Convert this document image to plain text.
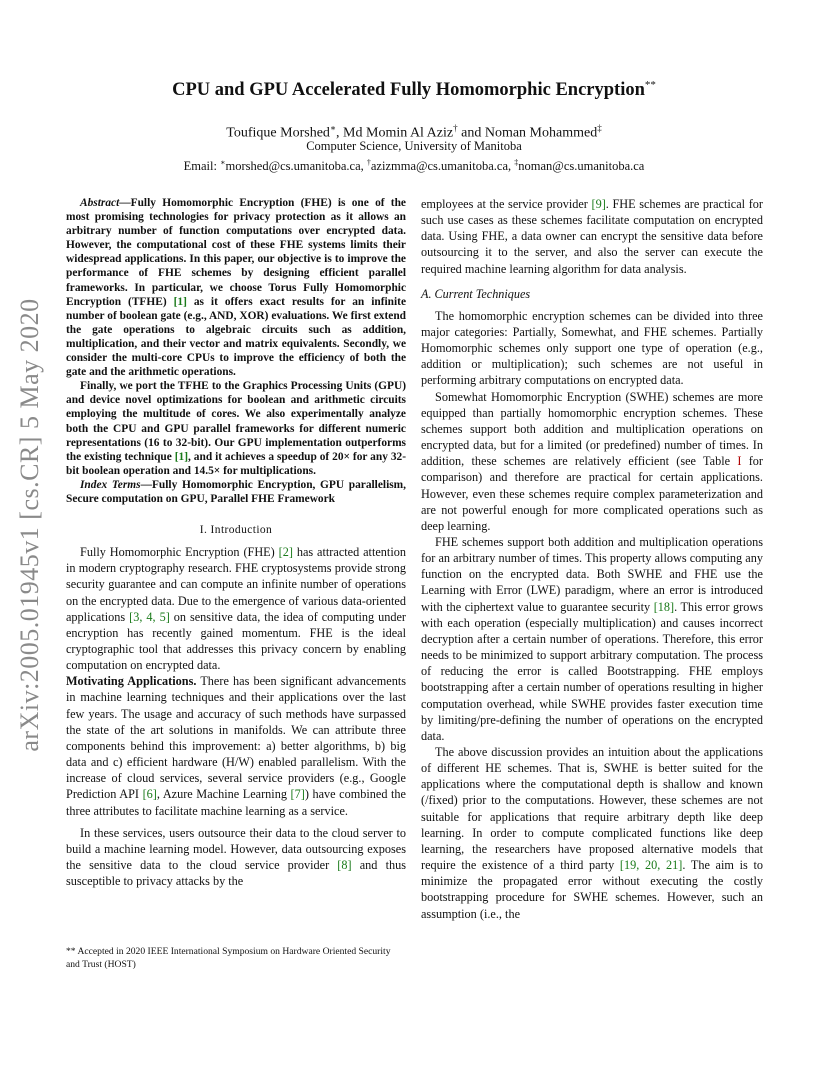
arXiv:2005.01945v1 [cs.CR] 5 May 2020
CPU and GPU Accelerated Fully Homomorphic Encryption**
Toufique Morshed∗, Md Momin Al Aziz† and Noman Mohammed‡
Computer Science, University of Manitoba
Email: ∗morshed@cs.umanitoba.ca, †azizmma@cs.umanitoba.ca, ‡noman@cs.umanitoba.ca

Abstract—Fully Homomorphic Encryption (FHE) is one of the most promising technologies for privacy protection as it allows an arbitrary number of function computations over encrypted data. However, the computational cost of these FHE systems limits their widespread applications. In this paper, our objective is to improve the performance of FHE schemes by designing efficient parallel frameworks. In particular, we choose Torus Fully Homomorphic Encryption (TFHE) [1] as it offers exact results for an infinite number of boolean gate (e.g., AND, XOR) evaluations. We first extend the gate operations to algebraic circuits such as addition, multiplication, and their vector and matrix equivalents. Secondly, we consider the multi-core CPUs to improve the efficiency of both the gate and the arithmetic operations.

Finally, we port the TFHE to the Graphics Processing Units (GPU) and device novel optimizations for boolean and arithmetic circuits employing the multitude of cores. We also experimentally analyze both the CPU and GPU parallel frameworks for different numeric representations (16 to 32-bit). Our GPU implementation outperforms the existing technique [1], and it achieves a speedup of 20× for any 32-bit boolean operation and 14.5× for multiplications.

Index Terms—Fully Homomorphic Encryption, GPU parallelism, Secure computation on GPU, Parallel FHE Framework

I. Introduction

Fully Homomorphic Encryption (FHE) [2] has attracted attention in modern cryptography research. FHE cryptosystems provide strong security guarantee and can compute an infinite number of operations on the encrypted data. Due to the emergence of various data-oriented applications [3, 4, 5] on sensitive data, the idea of computing under encryption has recently gained momentum. FHE is the ideal cryptographic tool that addresses this privacy concern by enabling computation on encrypted data.

Motivating Applications. There has been significant advancements in machine learning techniques and their applications over the last few years. The usage and accuracy of such methods have surpassed the state of the art solutions in manifolds. We can attribute three components behind this improvement: a) better algorithms, b) big data and c) efficient hardware (H/W) enabled parallelism. With the increase of cloud services, several service providers (e.g., Google Prediction API [6], Azure Machine Learning [7]) have combined the three attributes to facilitate machine learning as a service.

In these services, users outsource their data to the cloud server to build a machine learning model. However, data outsourcing exposes the sensitive data to the cloud service provider [8] and thus susceptible to privacy attacks by the

** Accepted in 2020 IEEE International Symposium on Hardware Oriented Security and Trust (HOST)

employees at the service provider [9]. FHE schemes are practical for such use cases as these schemes facilitate computation on encrypted data. Using FHE, a data owner can encrypt the sensitive data before outsourcing it to the server, and also the server can execute the required machine learning algorithm for data analysis.

A. Current Techniques

The homomorphic encryption schemes can be divided into three major categories: Partially, Somewhat, and FHE schemes. Partially Homomorphic schemes only support one type of operation (e.g., addition or multiplication); such schemes are not useful in performing arbitrary computations on encrypted data.

Somewhat Homomorphic Encryption (SWHE) schemes are more equipped than partially homomorphic encryption schemes. These schemes support both addition and multiplication operations on encrypted data, but for a limited (or predefined) number of times. In addition, these schemes are relatively efficient (see Table I for comparison) and therefore are practical for certain applications. However, even these schemes require complex parameterization and are not powerful enough for more complicated operations such as deep learning.

FHE schemes support both addition and multiplication operations for an arbitrary number of times. This property allows computing any function on the encrypted data. Both SWHE and FHE use the Learning with Error (LWE) paradigm, where an error is introduced with the ciphertext value to guarantee security [18]. This error grows with each operation (especially multiplication) and causes incorrect decryption after a certain number of operations. Therefore, this error needs to be minimized to support arbitrary computation. The process of reducing the error is called Bootstrapping. FHE employs bootstrapping after a certain number of operations resulting in higher computation overhead, while SWHE provides faster execution time by limiting/pre-defining the number of operations on the encrypted data.

The above discussion provides an intuition about the applications of different HE schemes. That is, SWHE is better suited for the applications where the computational depth is shallow and known (/fixed) prior to the computations. However, these schemes are not suitable for applications that require arbitrary depth like deep learning. In order to compute complicated functions like deep learning, the researchers have proposed alternative models that require the existence of a third party [19, 20, 21]. The aim is to minimize the propagated error without executing the costly bootstrapping procedure for SWHE schemes. However, such an assumption (i.e., the
